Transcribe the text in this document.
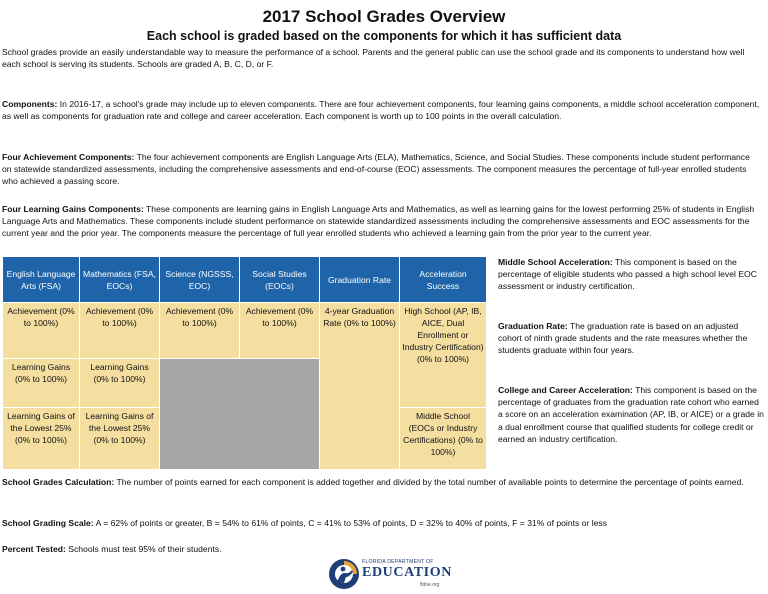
2017 School Grades Overview
Each school is graded based on the components for which it has sufficient data

School grades provide an easily understandable way to measure the performance of a school. Parents and the general public can use the school grade and its components to understand how well each school is serving its students. Schools are graded A, B, C, D, or F.

Components: In 2016-17, a school's grade may include up to eleven components. There are four achievement components, four learning gains components, a middle school acceleration component, as well as components for graduation rate and college and career acceleration. Each component is worth up to 100 points in the overall calculation.

Four Achievement Components: The four achievement components are English Language Arts (ELA), Mathematics, Science, and Social Studies. These components include student performance on statewide standardized assessments, including the comprehensive assessments and end-of-course (EOC) assessments. The component measures the percentage of full-year enrolled students who achieved a passing score.

Four Learning Gains Components: These components are learning gains in English Language Arts and Mathematics, as well as learning gains for the lowest performing 25% of students in English Language Arts and Mathematics. These components include student performance on statewide standardized assessments including the comprehensive assessments and EOC assessments for the current year and the prior year. The components measure the percentage of full year enrolled students who achieved a learning gain from the prior year to the current year.

English Language Arts (FSA)	Mathematics (FSA, EOCs)	Science (NGSSS, EOC)	Social Studies (EOCs)	Graduation Rate	Acceleration Success
Achievement (0% to 100%)	Achievement (0% to 100%)	Achievement (0% to 100%)	Achievement (0% to 100%)	4-year Graduation Rate (0% to 100%)	High School (AP, IB, AICE, Dual Enrollment or Industry Certification) (0% to 100%)
Learning Gains (0% to 100%)	Learning Gains (0% to 100%)				
Learning Gains of the Lowest 25% (0% to 100%)	Learning Gains of the Lowest 25% (0% to 100%)				Middle School (EOCs or Industry Certifications) (0% to 100%)

Middle School Acceleration: This component is based on the percentage of eligible students who passed a high school level EOC assessment or industry certification.

Graduation Rate: The graduation rate is based on an adjusted cohort of ninth grade students and the rate measures whether the students graduate within four years.

College and Career Acceleration: This component is based on the percentage of graduates from the graduation rate cohort who earned a score on an acceleration examination (AP, IB, or AICE) or a grade in a dual enrollment course that qualified students for college credit or earned an industry certification.

School Grades Calculation: The number of points earned for each component is added together and divided by the total number of available points to determine the percentage of points earned.

School Grading Scale: A = 62% of points or greater, B = 54% to 61% of points, C = 41% to 53% of points, D = 32% to 40% of points, F = 31% of points or less

Percent Tested: Schools must test 95% of their students.

FLORIDA DEPARTMENT OF
EDUCATION
fldoe.org
